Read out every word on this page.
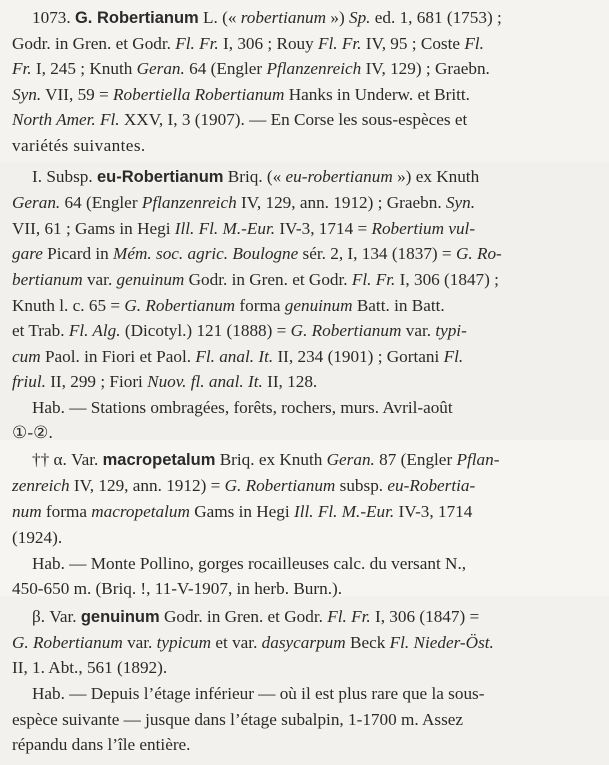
1073. G. Robertianum L. (« robertianum ») Sp. ed. 1, 681 (1753) ;
Godr. in Gren. et Godr. Fl. Fr. I, 306 ; Rouy Fl. Fr. IV, 95 ; Coste Fl.
Fr. I, 245 ; Knuth Geran. 64 (Engler Pflanzenreich IV, 129) ; Graebn.
Syn. VII, 59 = Robertiella Robertianum Hanks in Underw. et Britt.
North Amer. Fl. XXV, I, 3 (1907). — En Corse les sous-espèces et
variétés suivantes.
I. Subsp. eu-Robertianum Briq. (« eu-robertianum ») ex Knuth
Geran. 64 (Engler Pflanzenreich IV, 129, ann. 1912) ; Graebn. Syn.
VII, 61 ; Gams in Hegi Ill. Fl. M.-Eur. IV-3, 1714 = Robertium vul-
gare Picard in Mém. soc. agric. Boulogne sér. 2, I, 134 (1837) = G. Ro-
bertianum var. genuinum Godr. in Gren. et Godr. Fl. Fr. I, 306 (1847) ;
Knuth l. c. 65 = G. Robertianum forma genuinum Batt. in Batt.
et Trab. Fl. Alg. (Dicotyl.) 121 (1888) = G. Robertianum var. typi-
cum Paol. in Fiori et Paol. Fl. anal. It. II, 234 (1901) ; Gortani Fl.
friul. II, 299 ; Fiori Nuov. fl. anal. It. II, 128.
Hab. — Stations ombragées, forêts, rochers, murs. Avril-août
①-②.
†† α. Var. macropetalum Briq. ex Knuth Geran. 87 (Engler Pflan-
zenreich IV, 129, ann. 1912) = G. Robertianum subsp. eu-Robertia-
num forma macropetalum Gams in Hegi Ill. Fl. M.-Eur. IV-3, 1714
(1924).
Hab. — Monte Pollino, gorges rocailleuses calc. du versant N.,
450-650 m. (Briq. !, 11-V-1907, in herb. Burn.).
β. Var. genuinum Godr. in Gren. et Godr. Fl. Fr. I, 306 (1847) =
G. Robertianum var. typicum et var. dasycarpum Beck Fl. Nieder-Öst.
II, 1. Abt., 561 (1892).
Hab. — Depuis l’étage inférieur — où il est plus rare que la sous-
espèce suivante — jusque dans l’étage subalpin, 1-1700 m. Assez
répandu dans l’île entière.
